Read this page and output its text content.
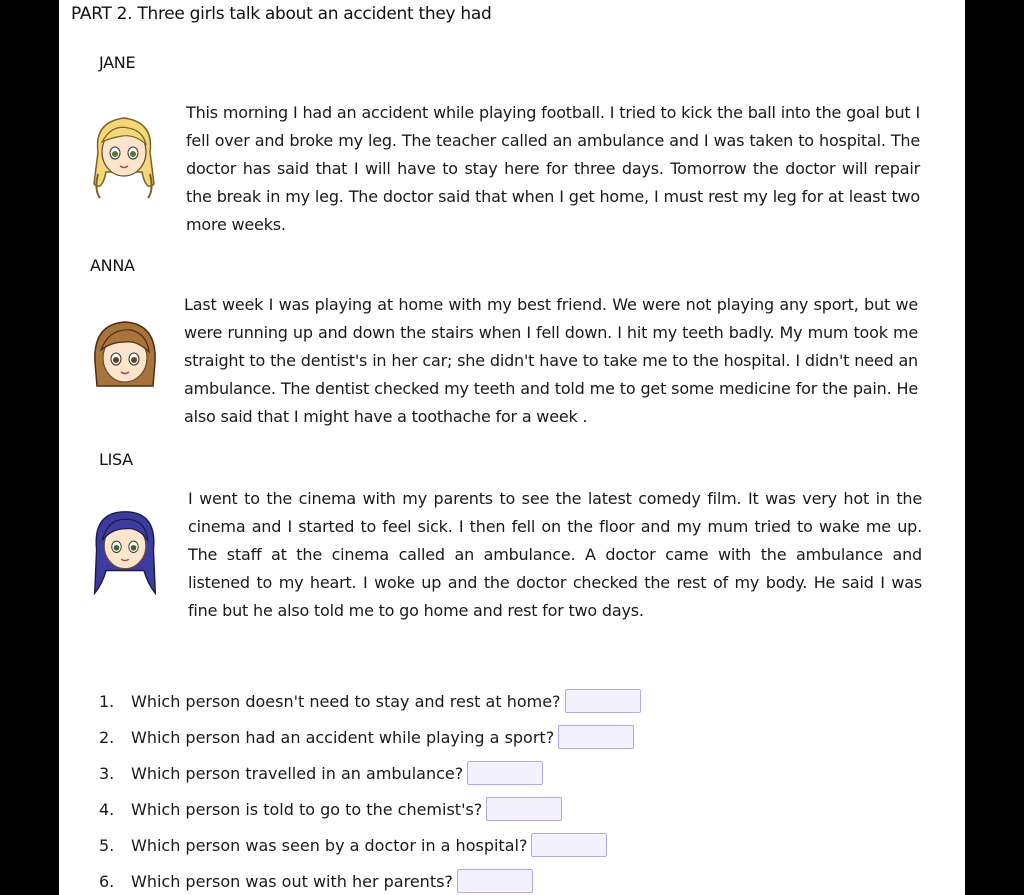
PART 2. Three girls talk about an accident they had
JANE
This morning I had an accident while playing football. I tried to kick the ball into the goal but I fell over and broke my leg. The teacher called an ambulance and I was taken to hospital. The doctor has said that I will have to stay here for three days. Tomorrow the doctor will repair the break in my leg. The doctor said that when I get home, I must rest my leg for at least two more weeks.
ANNA
Last week I was playing at home with my best friend. We were not playing any sport, but we were running up and down the stairs when I fell down. I hit my teeth badly. My mum took me straight to the dentist's in her car; she didn't have to take me to the hospital. I didn't need an ambulance. The dentist checked my teeth and told me to get some medicine for the pain. He also said that I might have a toothache for a week .
LISA
I went to the cinema with my parents to see the latest comedy film. It was very hot in the cinema and I started to feel sick. I then fell on the floor and my mum tried to wake me up. The staff at the cinema called an ambulance. A doctor came with the ambulance and listened to my heart. I woke up and the doctor checked the rest of my body. He said I was fine but he also told me to go home and rest for two days.
1.	Which person doesn't need to stay and rest at home?
2.	Which person had an accident while playing a sport?
3.	Which person travelled in an ambulance?
4.	Which person is told to go to the chemist's?
5.	Which person was seen by a doctor in a hospital?
6.	Which person was out with her parents?
